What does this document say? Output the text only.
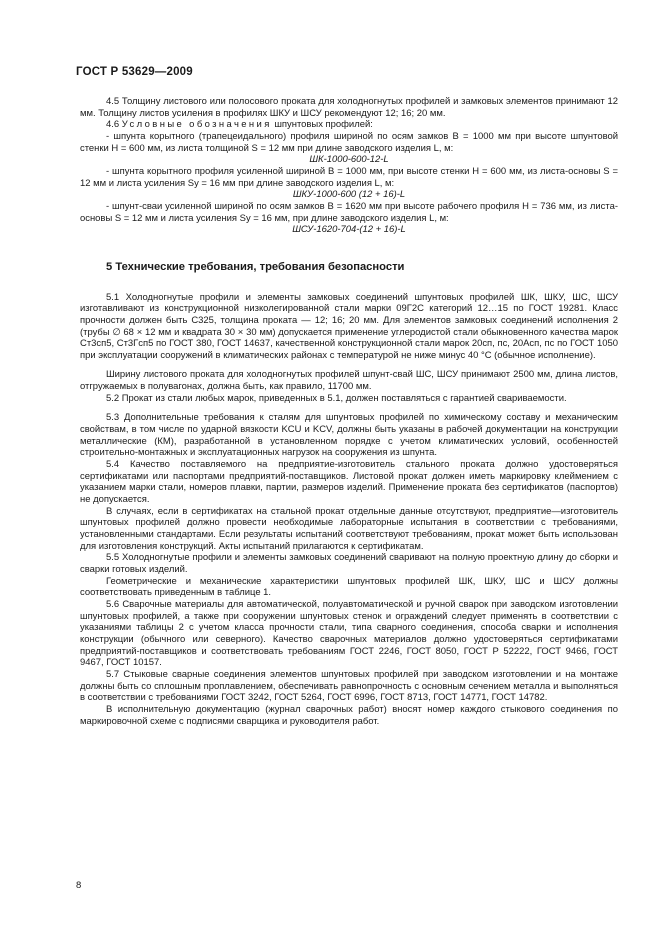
ГОСТ Р 53629—2009

4.5 Толщину листового или полосового проката для холодногнутых профилей и замковых элементов принимают 12 мм. Толщину листов усиления в профилях ШКУ и ШСУ рекомендуют 12; 16; 20 мм.

4.6 Условные обозначения шпунтовых профилей:

- шпунта корытного (трапецеидального) профиля шириной по осям замков B = 1000 мм при высоте шпунтовой стенки H = 600 мм, из листа толщиной S = 12 мм при длине заводского изделия L, м:

ШК-1000-600-12-L

- шпунта корытного профиля усиленной шириной B = 1000 мм, при высоте стенки H = 600 мм, из листа-основы S = 12 мм и листа усиления Sу = 16 мм при длине заводского изделия L, м:

ШКУ-1000-600 (12 + 16)-L

- шпунт-сваи усиленной шириной по осям замков B = 1620 мм при высоте рабочего профиля H = 736 мм, из листа-основы S = 12 мм и листа усиления Sу = 16 мм, при длине заводского изделия L, м:

ШСУ-1620-704-(12 + 16)-L

5 Технические требования, требования безопасности

5.1 Холодногнутые профили и элементы замковых соединений шпунтовых профилей ШК, ШКУ, ШС, ШСУ изготавливают из конструкционной низколегированной стали марки 09Г2С категорий 12…15 по ГОСТ 19281. Класс прочности должен быть С325, толщина проката — 12; 16; 20 мм. Для элементов замковых соединений исполнения 2 (трубы ∅ 68 × 12 мм и квадрата 30 × 30 мм) допускается применение углеродистой стали обыкновенного качества марок Ст3сп5, Ст3Гсп5 по ГОСТ 380, ГОСТ 14637, качественной конструкционной стали марок 20сп, пс, 20Асп, пс по ГОСТ 1050 при эксплуатации сооружений в климатических районах с температурой не ниже минус 40 °С (обычное исполнение).

Ширину листового проката для холодногнутых профилей шпунт-свай ШС, ШСУ принимают 2500 мм, длина листов, отгружаемых в полувагонах, должна быть, как правило, 11700 мм.

5.2 Прокат из стали любых марок, приведенных в 5.1, должен поставляться с гарантией свариваемости.

5.3 Дополнительные требования к сталям для шпунтовых профилей по химическому составу и механическим свойствам, в том числе по ударной вязкости KCU и KCV, должны быть указаны в рабочей документации на конструкции металлические (КМ), разработанной в установленном порядке с учетом климатических условий, особенностей строительно-монтажных и эксплуатационных нагрузок на сооружения из шпунта.

5.4 Качество поставляемого на предприятие-изготовитель стального проката должно удостоверяться сертификатами или паспортами предприятий-поставщиков. Листовой прокат должен иметь маркировку клеймением с указанием марки стали, номеров плавки, партии, размеров изделий. Применение проката без сертификатов (паспортов) не допускается.

В случаях, если в сертификатах на стальной прокат отдельные данные отсутствуют, предприятие—изготовитель шпунтовых профилей должно провести необходимые лабораторные испытания в соответствии с требованиями, установленными стандартами. Если результаты испытаний соответствуют требованиям, прокат может быть использован для изготовления конструкций. Акты испытаний прилагаются к сертификатам.

5.5 Холодногнутые профили и элементы замковых соединений сваривают на полную проектную длину до сборки и сварки готовых изделий.

Геометрические и механические характеристики шпунтовых профилей ШК, ШКУ, ШС и ШСУ должны соответствовать приведенным в таблице 1.

5.6 Сварочные материалы для автоматической, полуавтоматической и ручной сварок при заводском изготовлении шпунтовых профилей, а также при сооружении шпунтовых стенок и ограждений следует применять в соответствии с указаниями таблицы 2 с учетом класса прочности стали, типа сварного соединения, способа сварки и исполнения конструкции (обычного или северного). Качество сварочных материалов должно удостоверяться сертификатами предприятий-поставщиков и соответствовать требованиям ГОСТ 2246, ГОСТ 8050, ГОСТ Р 52222, ГОСТ 9466, ГОСТ 9467, ГОСТ 10157.

5.7 Стыковые сварные соединения элементов шпунтовых профилей при заводском изготовлении и на монтаже должны быть со сплошным проплавлением, обеспечивать равнопрочность с основным сечением металла и выполняться в соответствии с требованиями ГОСТ 3242, ГОСТ 5264, ГОСТ 6996, ГОСТ 8713, ГОСТ 14771, ГОСТ 14782.

В исполнительную документацию (журнал сварочных работ) вносят номер каждого стыкового соединения по маркировочной схеме с подписями сварщика и руководителя работ.

8
